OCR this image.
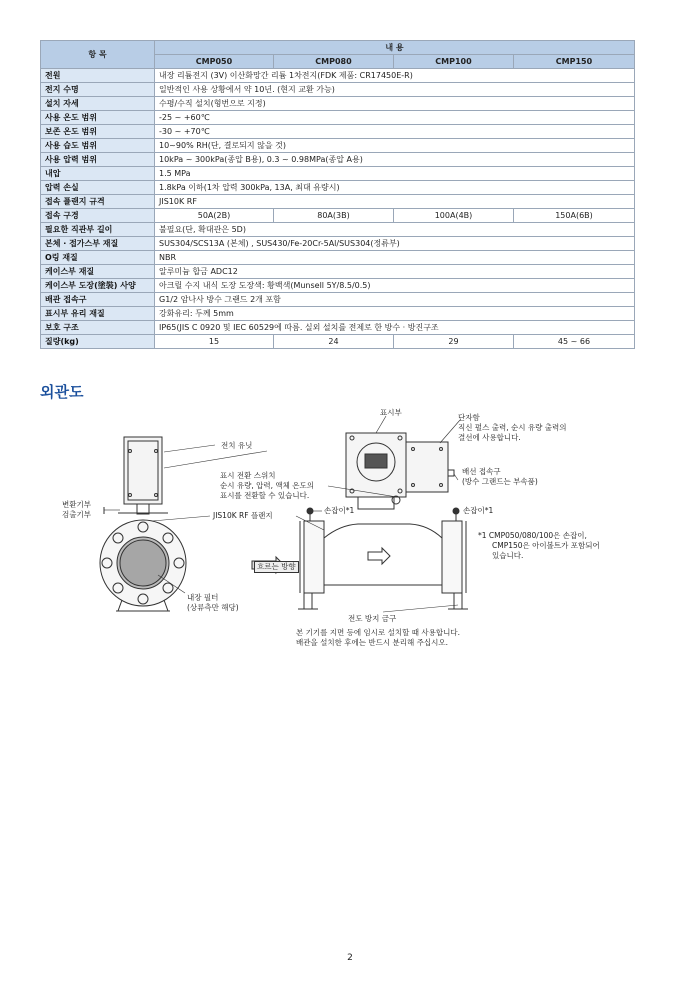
항 목	내 용			
	CMP050	CMP080	CMP100	CMP150
전원	내장 리튬전지 (3V) 이산화망간 리튬 1차전지(FDK 제품: CR17450E-R)			
전지 수명	일반적인 사용 상황에서 약 10년. (현지 교환 가능)			
설치 자세	수평/수직 설치(형번으로 지정)			
사용 온도 범위	-25 ~ +60℃			
보존 온도 범위	-30 ~ +70℃			
사용 습도 범위	10~90% RH(단, 결로되지 않을 것)			
사용 압력 범위	10kPa ~ 300kPa(종압 B용), 0.3 ~ 0.98MPa(종압 A용)			
내압	1.5 MPa			
압력 손실	1.8kPa 이하(1차 압력 300kPa, 13A, 최대 유량시)			
접속 플랜지 규격	JIS10K RF			
접속 구경	50A(2B)	80A(3B)	100A(4B)	150A(6B)
필요한 직관부 길이	불필요(단, 확대관은 5D)			
본체 · 접가스부 재질	SUS304/SCS13A (본체) , SUS430/Fe-20Cr-5Al/SUS304(정류부)			
O링 재질	NBR			
케이스부 재질	알루미늄 합금 ADC12			
케이스부 도장(塗裝) 사양	아크릴 수지 내식 도장 도장색: 황백색(Munsell 5Y/8.5/0.5)			
배관 접속구	G1/2 암나사 방수 그랜드 2개 포함			
표시부 유리 재질	강화유리: 두께 5mm			
보호 구조	IP65(JIS C 0920 및 IEC 60529에 따름. 실외 설치를 전제로 한 방수 · 방진구조			
질량(kg)	15	24	29	45 ~ 66
외관도
전치 유닛
표시 전환 스위치
순시 유량, 압력, 액체 온도의
표시를 전환할 수 있습니다.
변환기부
검출기부	JIS10K RF 플랜지
내장 필터
(상류측만 해당)
흐르는 방향
표시부
단자함
직신 펄스 출력, 순시 유량 출력의
결선에 사용합니다.
배선 접속구
(방수 그랜드는 부속품)
손잡이*1	손잡이*1
*1 CMP050/080/100은 손잡이,
CMP150은 아이볼트가 포함되어
있습니다.
전도 방지 금구
본 기기를 지면 등에 임시로 설치할 때 사용합니다.
배관을 설치한 후에는 반드시 분리해 주십시오.
2
